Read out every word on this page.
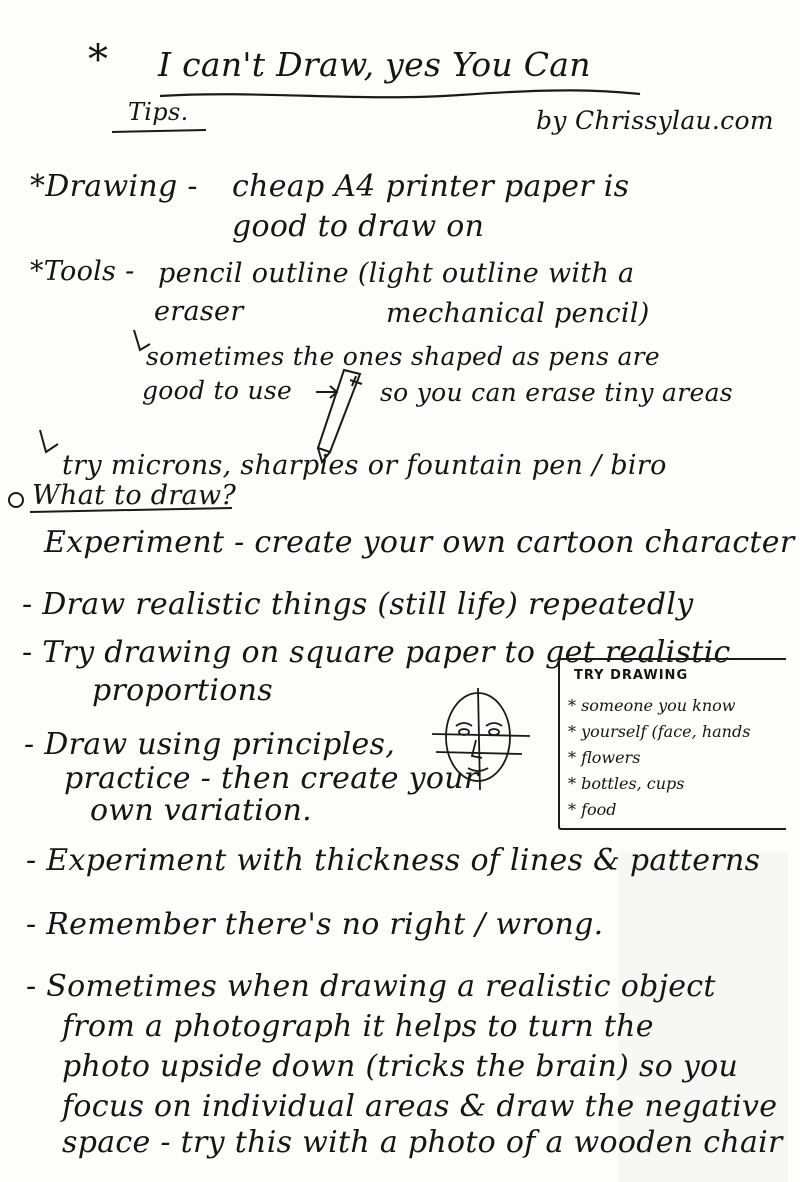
* I can't Draw, yes You Can
Tips.	by Chrissylau.com
*Drawing - cheap A4 printer paper is
good to draw on
*Tools - pencil outline (light outline with a
eraser	mechanical pencil)
sometimes the ones shaped as pens are
good to use	so you can erase tiny areas
try microns, sharpies or fountain pen / biro
What to draw?
Experiment - create your own cartoon character
- Draw realistic things (still life) repeatedly
- Try drawing on square paper to get realistic
proportions
- Draw using principles,
practice - then create your
own variation.
- Experiment with thickness of lines & patterns
- Remember there's no right / wrong.
- Sometimes when drawing a realistic object
from a photograph it helps to turn the
photo upside down (tricks the brain) so you
focus on individual areas & draw the negative
space - try this with a photo of a wooden chair
TRY DRAWING
* someone you know
* yourself (face, hands
* flowers
* bottles, cups
* food
